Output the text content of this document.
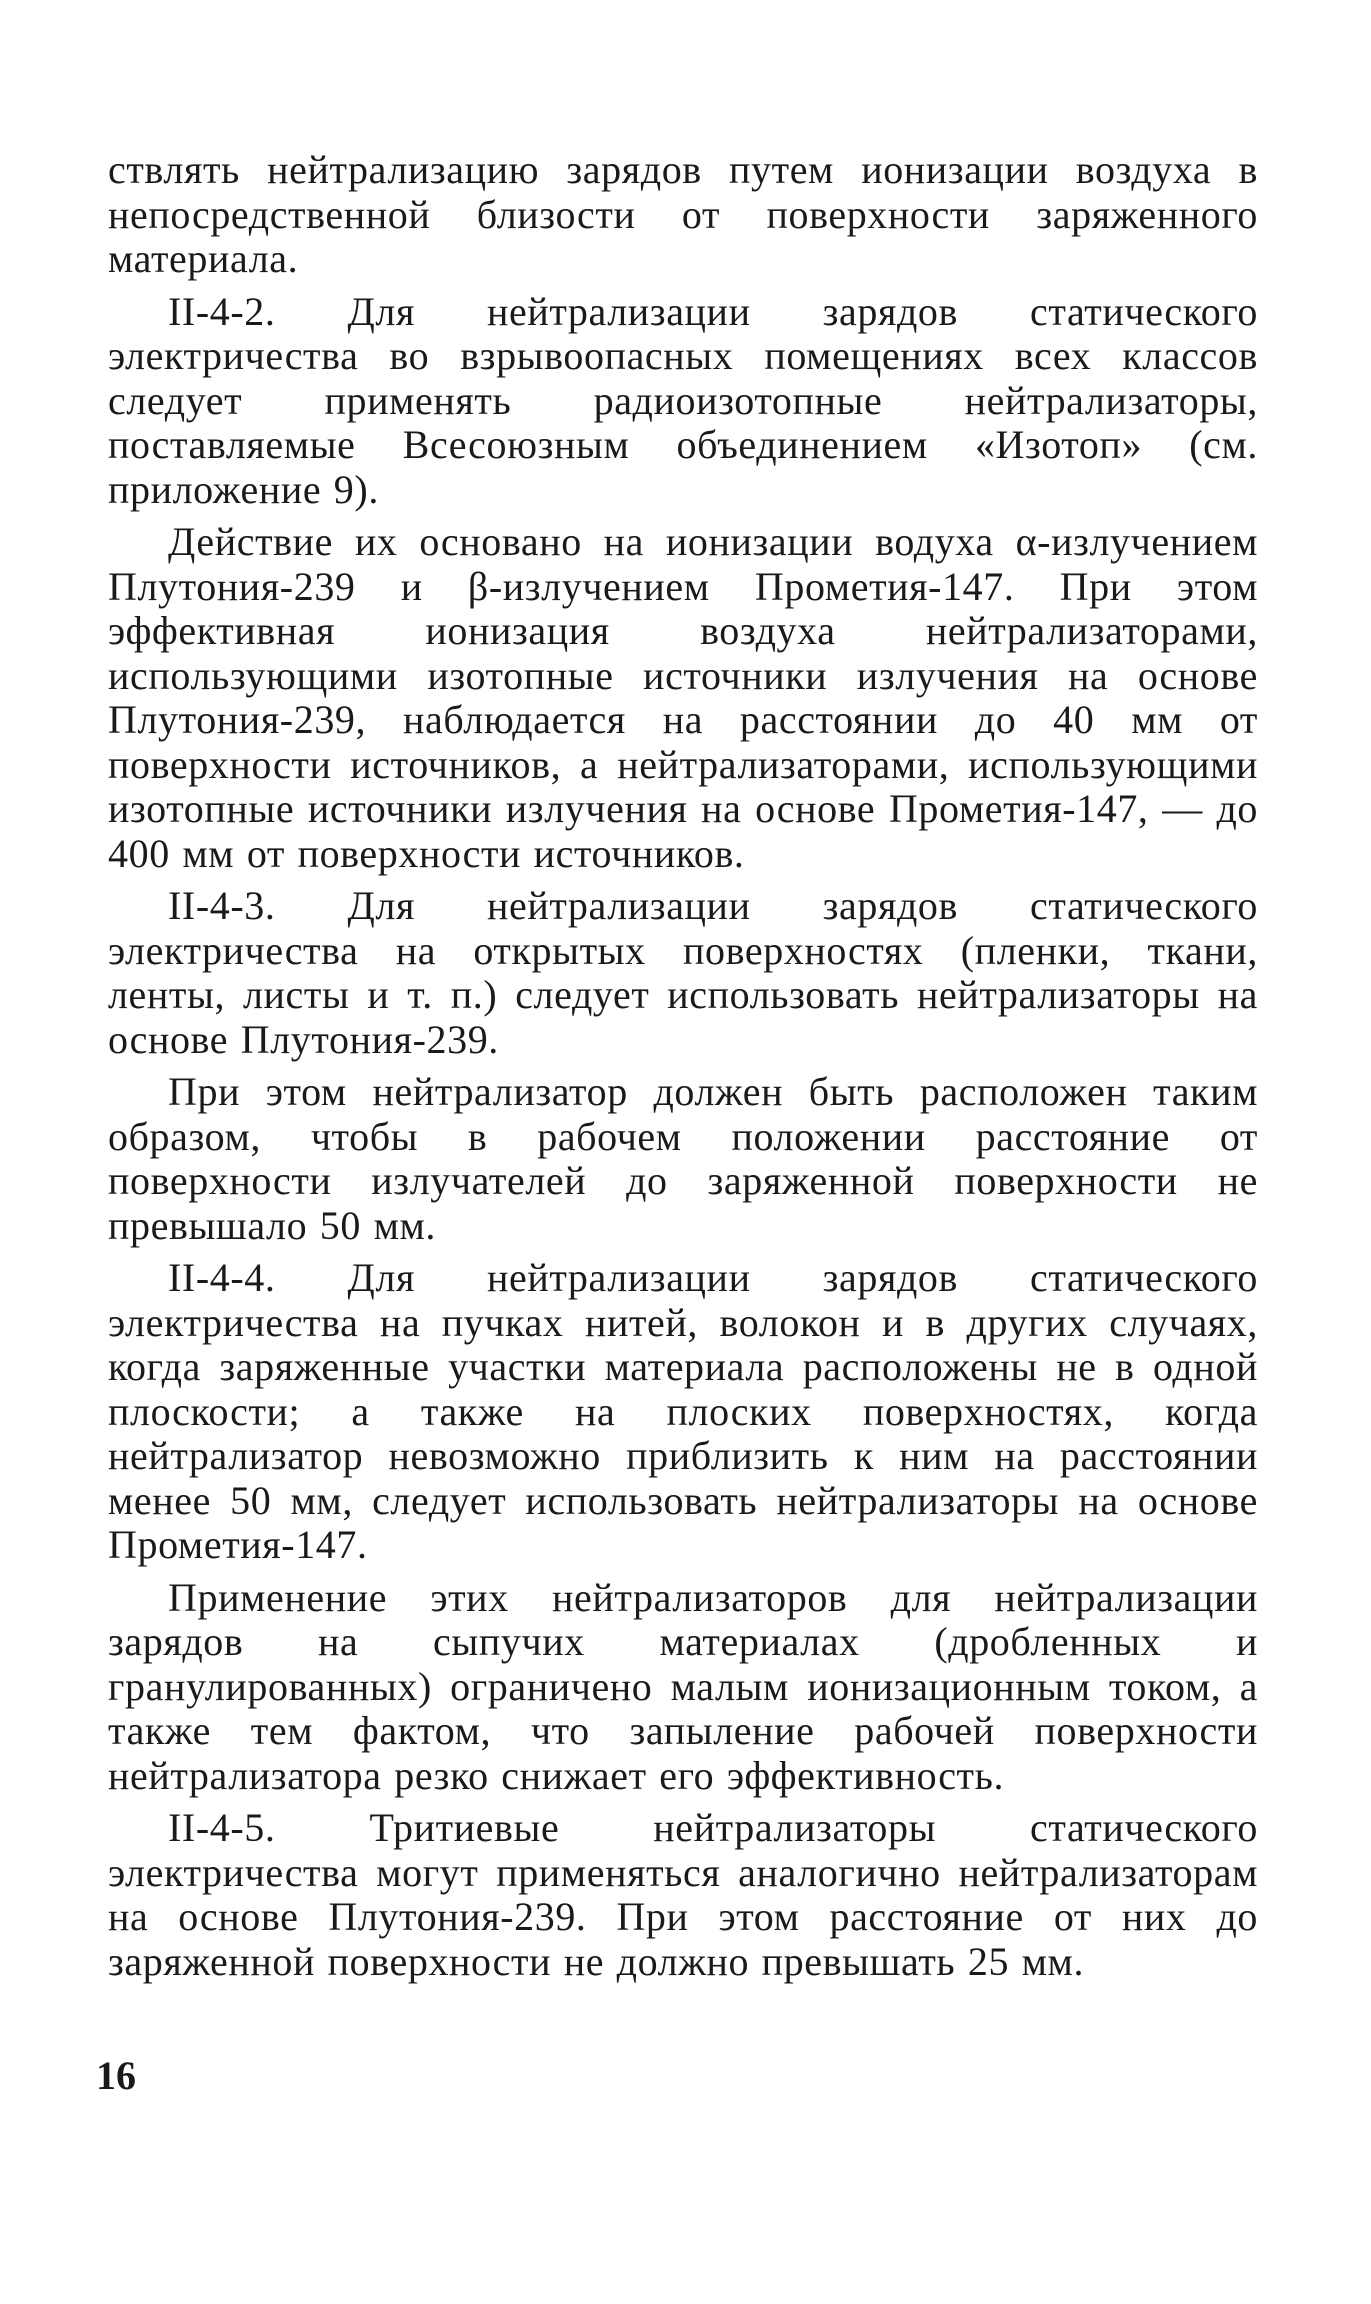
ствлять нейтрализацию зарядов путем ионизации воздуха в непосредственной близости от поверхности заряженного материала.

II-4-2. Для нейтрализации зарядов статического электричества во взрывоопасных помещениях всех классов следует применять радиоизотопные нейтрализаторы, поставляемые Всесоюзным объединением «Изотоп» (см. приложение 9).

Действие их основано на ионизации водуха α-излучением Плутония-239 и β-излучением Прометия-147. При этом эффективная ионизация воздуха нейтрализаторами, использующими изотопные источники излучения на основе Плутония-239, наблюдается на расстоянии до 40 мм от поверхности источников, а нейтрализаторами, использующими изотопные источники излучения на основе Прометия-147, — до 400 мм от поверхности источников.

II-4-3. Для нейтрализации зарядов статического электричества на открытых поверхностях (пленки, ткани, ленты, листы и т. п.) следует использовать нейтрализаторы на основе Плутония-239.

При этом нейтрализатор должен быть расположен таким образом, чтобы в рабочем положении расстояние от поверхности излучателей до заряженной поверхности не превышало 50 мм.

II-4-4. Для нейтрализации зарядов статического электричества на пучках нитей, волокон и в других случаях, когда заряженные участки материала расположены не в одной плоскости; а также на плоских поверхностях, когда нейтрализатор невозможно приблизить к ним на расстоянии менее 50 мм, следует использовать нейтрализаторы на основе Прометия-147.

Применение этих нейтрализаторов для нейтрализации зарядов на сыпучих материалах (дробленных и гранулированных) ограничено малым ионизационным током, а также тем фактом, что запыление рабочей поверхности нейтрализатора резко снижает его эффективность.

II-4-5. Тритиевые нейтрализаторы статического электричества могут применяться аналогично нейтрализаторам на основе Плутония-239. При этом расстояние от них до заряженной поверхности не должно превышать 25 мм.

16
